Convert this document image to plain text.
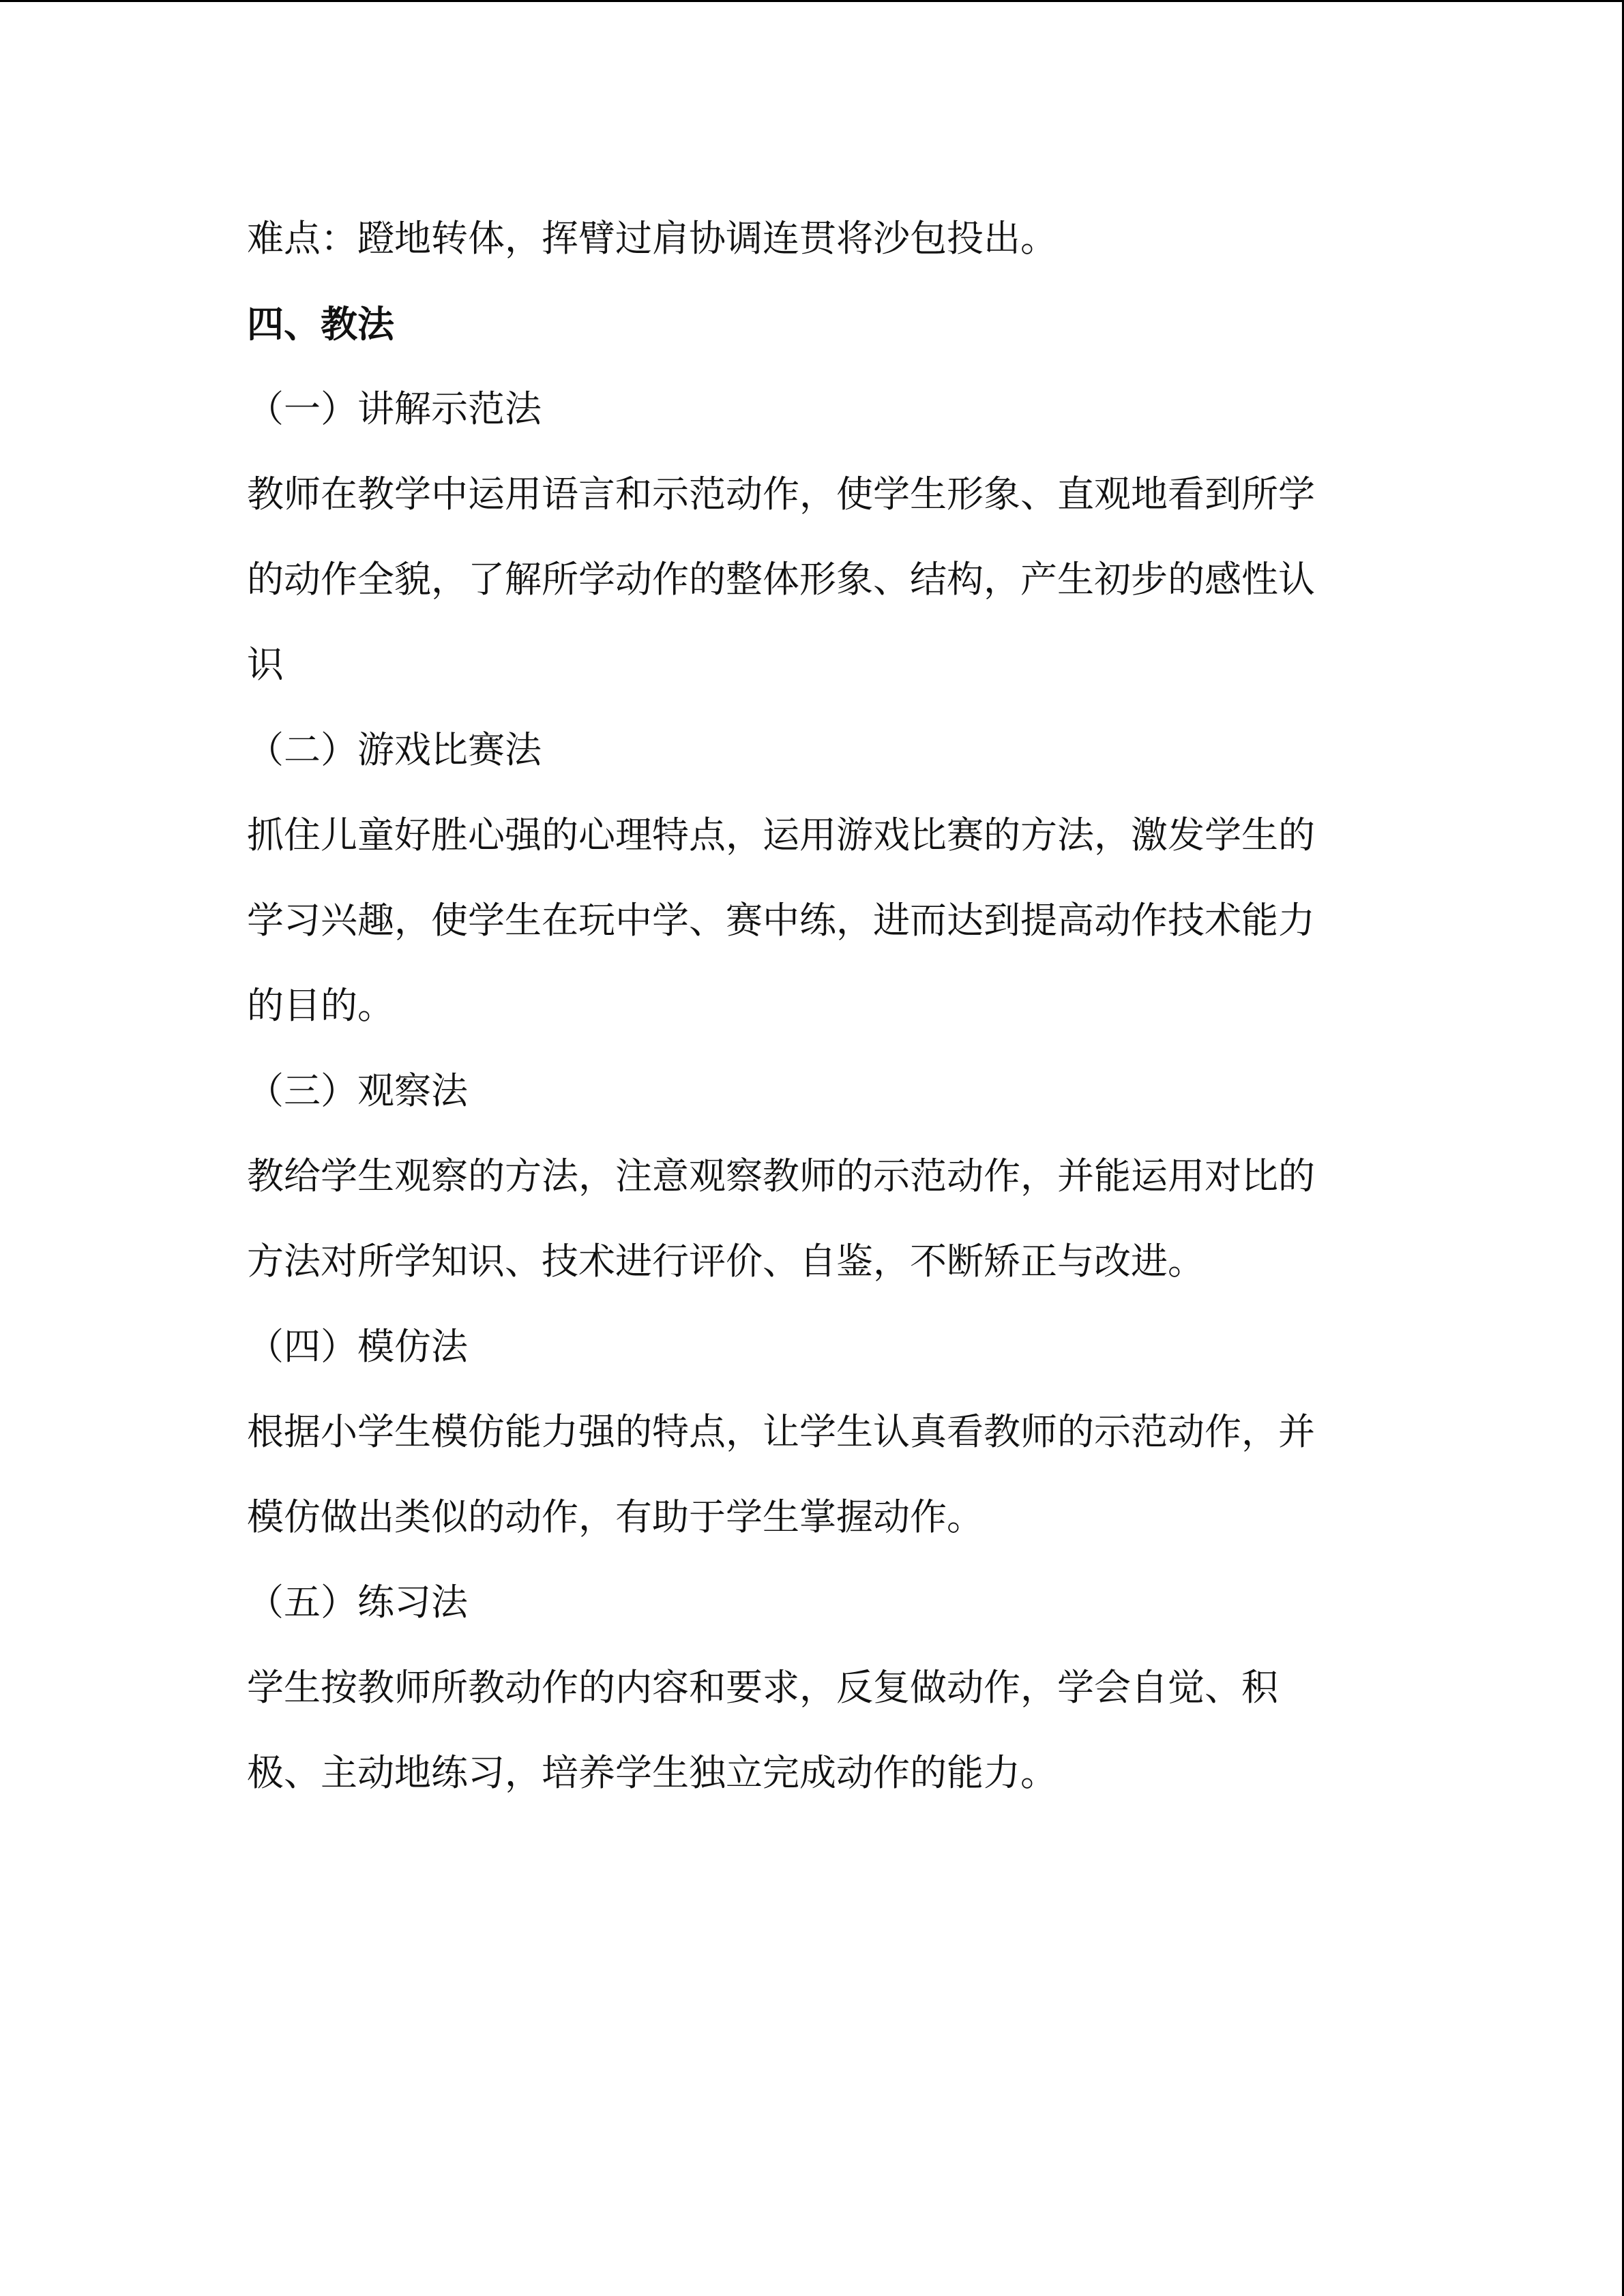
难点：蹬地转体，挥臂过肩协调连贯将沙包投出。
四、教法
（一）讲解示范法
教师在教学中运用语言和示范动作，使学生形象、直观地看到所学
的动作全貌，了解所学动作的整体形象、结构，产生初步的感性认
识
（二）游戏比赛法
抓住儿童好胜心强的心理特点，运用游戏比赛的方法，激发学生的
学习兴趣，使学生在玩中学、赛中练，进而达到提高动作技术能力
的目的。
（三）观察法
教给学生观察的方法，注意观察教师的示范动作，并能运用对比的
方法对所学知识、技术进行评价、自鉴，不断矫正与改进。
（四）模仿法
根据小学生模仿能力强的特点，让学生认真看教师的示范动作，并
模仿做出类似的动作，有助于学生掌握动作。
（五）练习法
学生按教师所教动作的内容和要求，反复做动作，学会自觉、积
极、主动地练习，培养学生独立完成动作的能力。
